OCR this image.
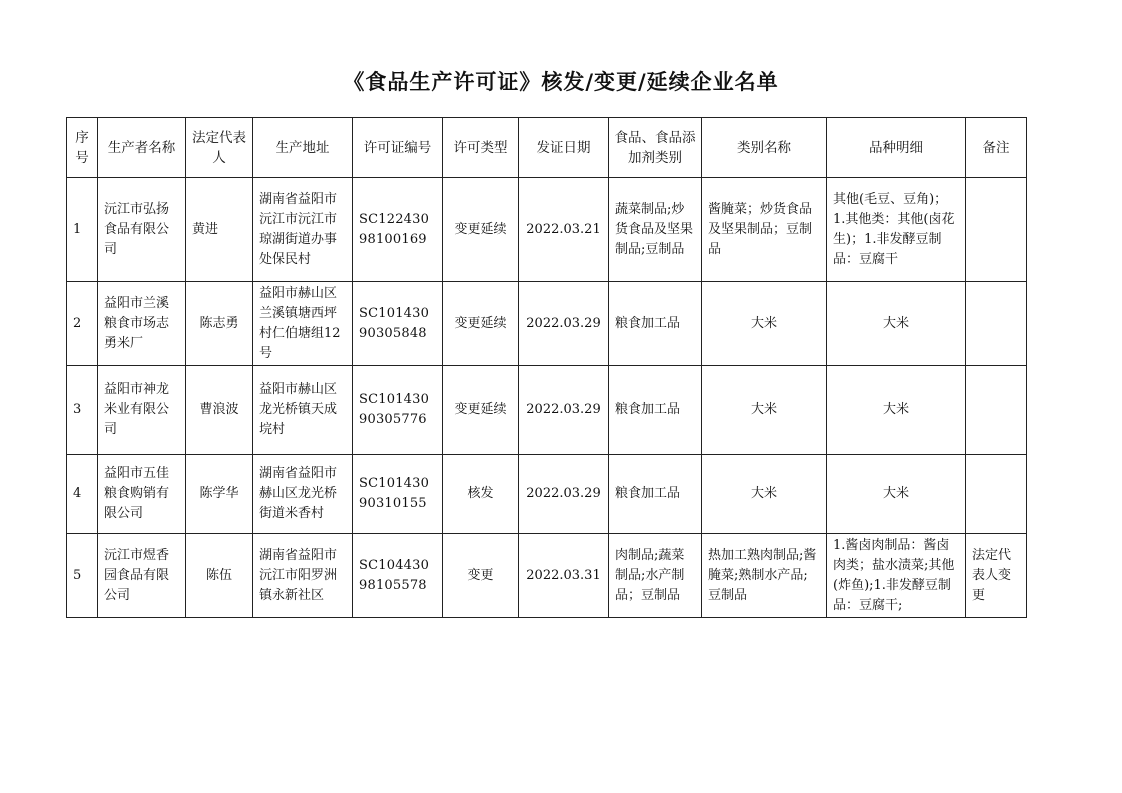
《食品生产许可证》核发/变更/延续企业名单
序号	生产者名称	法定代表人	生产地址	许可证编号	许可类型	发证日期	食品、食品添加剂类别	类别名称	品种明细	备注
1	沅江市弘扬食品有限公司	黄进	湖南省益阳市沅江市沅江市琼湖街道办事处保民村	SC12243098100169	变更延续	2022.03.21	蔬菜制品;炒货食品及坚果制品;豆制品	酱腌菜；炒货食品及坚果制品；豆制品	其他(毛豆、豆角)；1.其他类：其他(卤花生)；1.非发酵豆制品：豆腐干	
2	益阳市兰溪粮食市场志勇米厂	陈志勇	益阳市赫山区兰溪镇塘西坪村仁伯塘组12号	SC10143090305848	变更延续	2022.03.29	粮食加工品	大米	大米	
3	益阳市神龙米业有限公司	曹浪波	益阳市赫山区龙光桥镇天成垸村	SC10143090305776	变更延续	2022.03.29	粮食加工品	大米	大米	
4	益阳市五佳粮食购销有限公司	陈学华	湖南省益阳市赫山区龙光桥街道米香村	SC10143090310155	核发	2022.03.29	粮食加工品	大米	大米	
5	沅江市煜香园食品有限公司	陈伍	湖南省益阳市沅江市阳罗洲镇永新社区	SC10443098105578	变更	2022.03.31	肉制品;蔬菜制品;水产制品；豆制品	热加工熟肉制品;酱腌菜;熟制水产品;豆制品	1.酱卤肉制品：酱卤肉类；盐水渍菜;其他(炸鱼);1.非发酵豆制品：豆腐干;	法定代表人变更
